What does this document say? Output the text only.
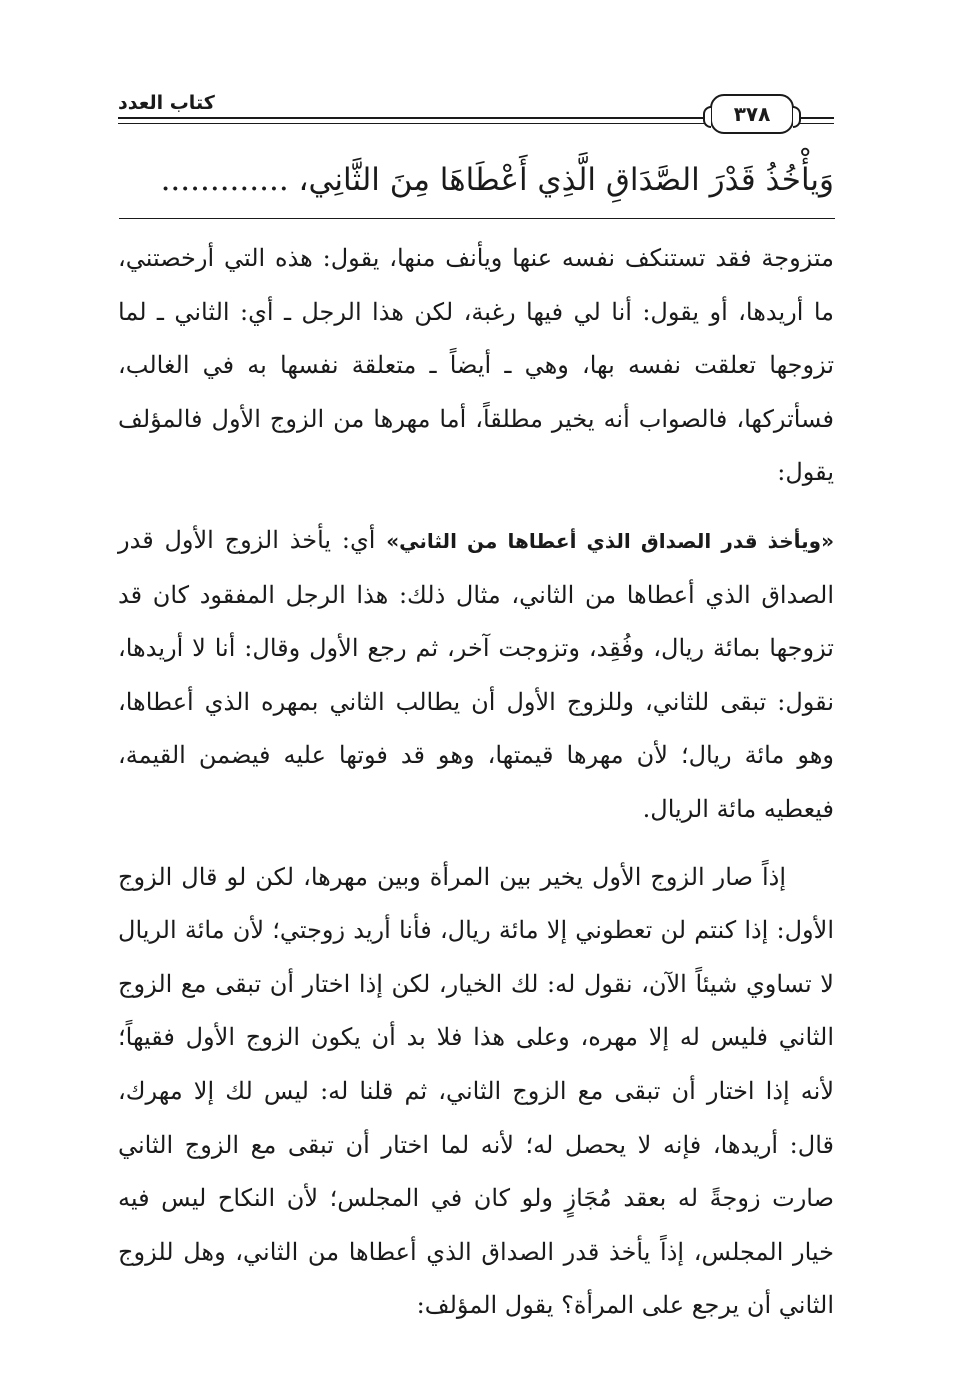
كتاب العدد	٣٧٨
وَيأْخُذُ قَدْرَ الصَّدَاقِ الَّذِي أَعْطَاهَا مِنَ الثَّانِي، .............

متزوجة فقد تستنكف نفسه عنها ويأنف منها، يقول: هذه التي أرخصتني، ما أريدها، أو يقول: أنا لي فيها رغبة، لكن هذا الرجل ـ أي: الثاني ـ لما تزوجها تعلقت نفسه بها، وهي ـ أيضاً ـ متعلقة نفسها به في الغالب، فسأتركها، فالصواب أنه يخير مطلقاً، أما مهرها من الزوج الأول فالمؤلف يقول:

«ويأخذ قدر الصداق الذي أعطاها من الثاني» أي: يأخذ الزوج الأول قدر الصداق الذي أعطاها من الثاني، مثال ذلك: هذا الرجل المفقود كان قد تزوجها بمائة ريال، وفُقِد، وتزوجت آخر، ثم رجع الأول وقال: أنا لا أريدها، نقول: تبقى للثاني، وللزوج الأول أن يطالب الثاني بمهره الذي أعطاها، وهو مائة ريال؛ لأن مهرها قيمتها، وهو قد فوتها عليه فيضمن القيمة، فيعطيه مائة الريال.

إذاً صار الزوج الأول يخير بين المرأة وبين مهرها، لكن لو قال الزوج الأول: إذا كنتم لن تعطوني إلا مائة ريال، فأنا أريد زوجتي؛ لأن مائة الريال لا تساوي شيئاً الآن، نقول له: لك الخيار، لكن إذا اختار أن تبقى مع الزوج الثاني فليس له إلا مهره، وعلى هذا فلا بد أن يكون الزوج الأول فقيهاً؛ لأنه إذا اختار أن تبقى مع الزوج الثاني، ثم قلنا له: ليس لك إلا مهرك، قال: أريدها، فإنه لا يحصل له؛ لأنه لما اختار أن تبقى مع الزوج الثاني صارت زوجةً له بعقد مُجَازٍ ولو كان في المجلس؛ لأن النكاح ليس فيه خيار المجلس، إذاً يأخذ قدر الصداق الذي أعطاها من الثاني، وهل للزوج الثاني أن يرجع على المرأة؟ يقول المؤلف:
